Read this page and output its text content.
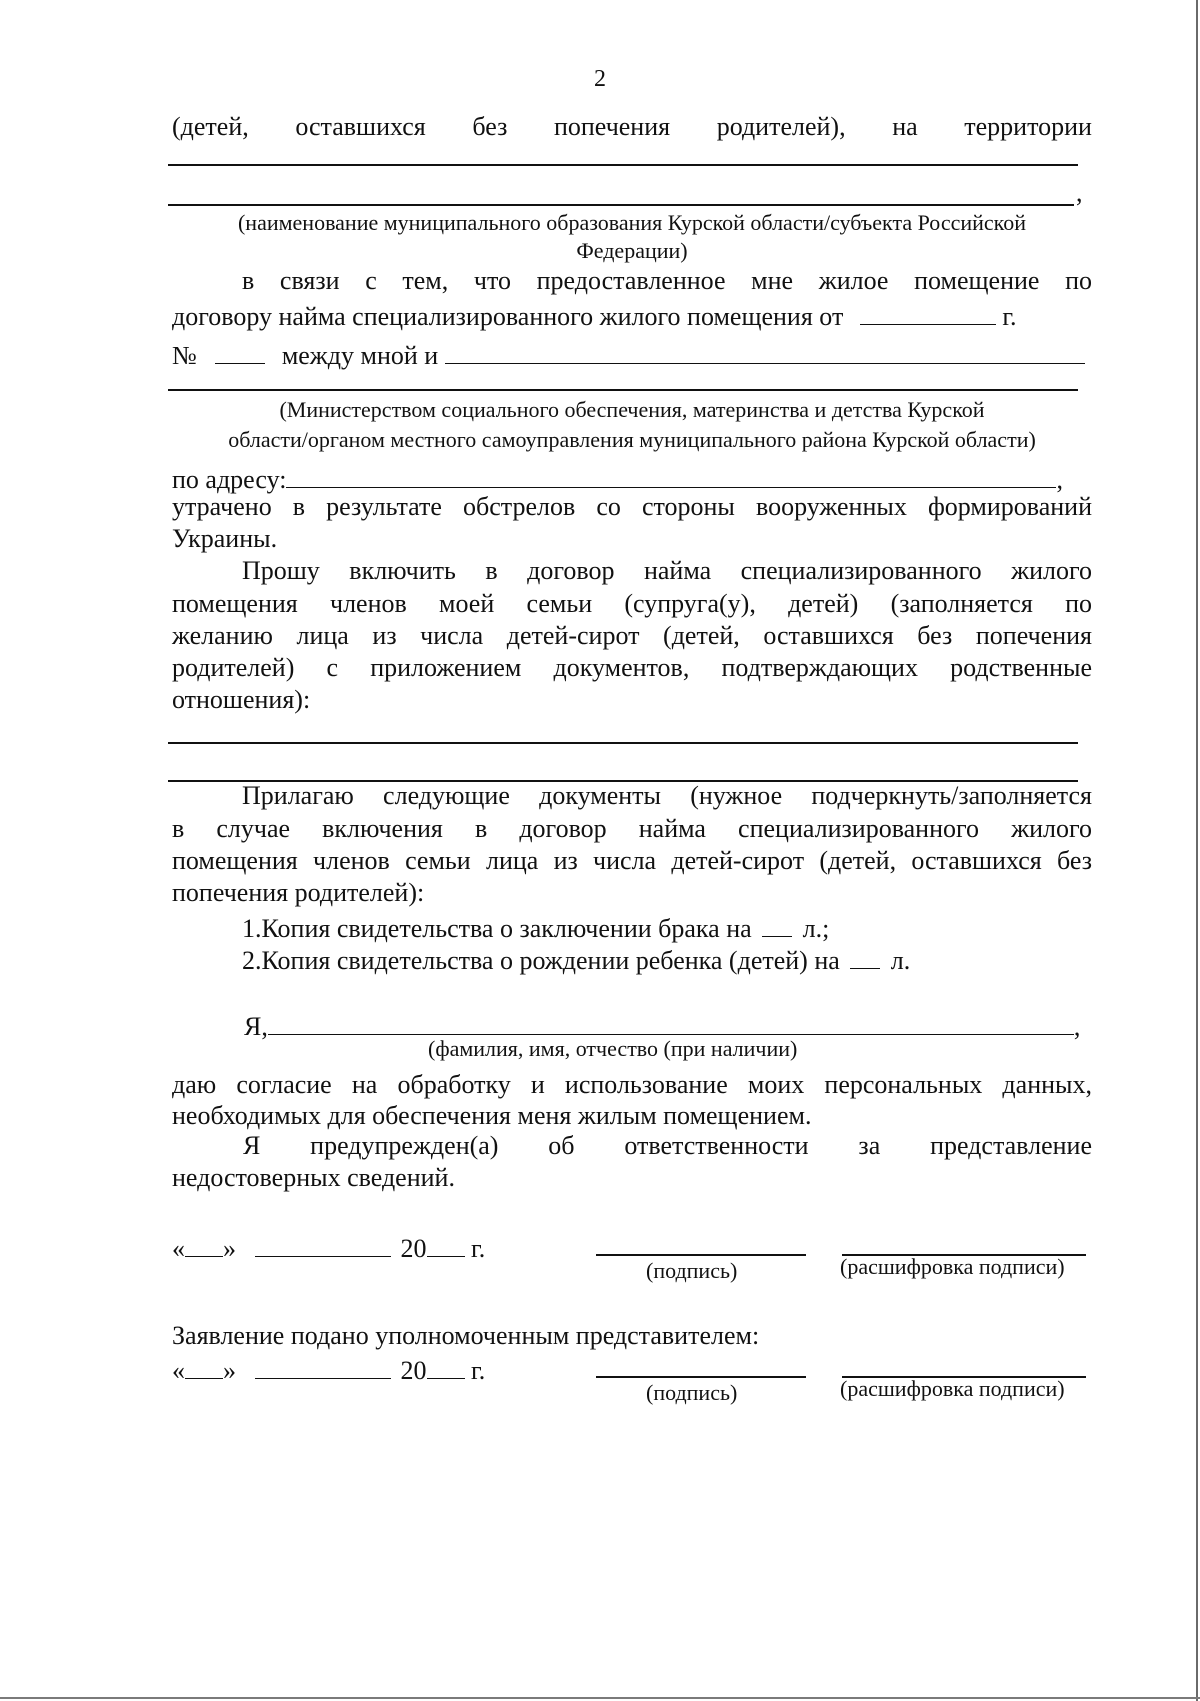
2
(детей, оставшихся без попечения родителей), на территории
,
(наименование муниципального образования Курской области/субъекта Российской
Федерации)
в связи с тем, что предоставленное мне жилое помещение по
договору найма специализированного жилого помещения от	г.
№	между мной и
(Министерством социального обеспечения, материнства и детства Курской
области/органом местного самоуправления муниципального района Курской области)
по адресу:	,
утрачено в результате обстрелов со стороны вооруженных формирований
Украины.
Прошу включить в договор найма специализированного жилого
помещения членов моей семьи (супруга(у), детей) (заполняется по
желанию лица из числа детей-сирот (детей, оставшихся без попечения
родителей) с приложением документов, подтверждающих родственные
отношения):
Прилагаю следующие документы (нужное подчеркнуть/заполняется
в случае включения в договор найма специализированного жилого
помещения членов семьи лица из числа детей-сирот (детей, оставшихся без
попечения родителей):
1.Копия свидетельства о заключении брака на л.;
2.Копия свидетельства о рождении ребенка (детей) на л.
Я,	,
(фамилия, имя, отчество (при наличии)
даю согласие на обработку и использование моих персональных данных,
необходимых для обеспечения меня жилым помещением.
Я предупрежден(а) об ответственности за представление
недостоверных сведений.
« »	20 г.
(подпись)	(расшифровка подписи)
Заявление подано уполномоченным представителем:
« »	20 г.
(подпись)	(расшифровка подписи)
